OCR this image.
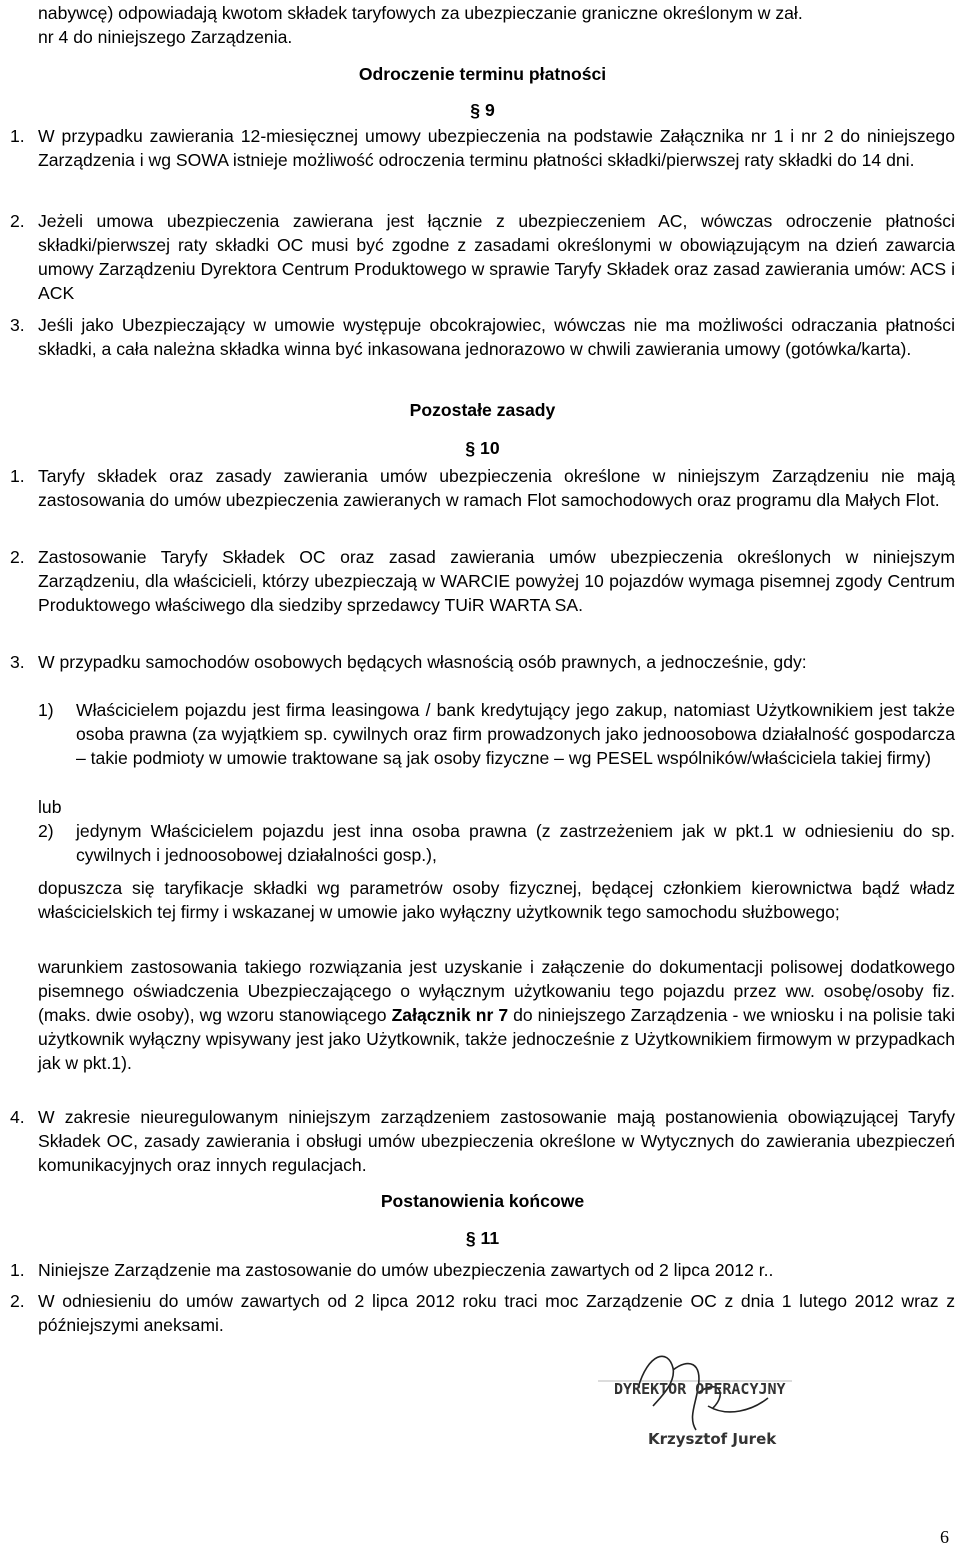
nabywcę) odpowiadają kwotom składek taryfowych za ubezpieczanie graniczne określonym w zał.

nr 4 do niniejszego Zarządzenia.

Odroczenie terminu płatności

§ 9

1. W przypadku zawierania 12-miesięcznej umowy ubezpieczenia na podstawie Załącznika nr 1 i nr 2 do niniejszego Zarządzenia i wg SOWA istnieje możliwość odroczenia terminu płatności składki/pierwszej raty składki do 14 dni.
2. Jeżeli umowa ubezpieczenia zawierana jest łącznie z ubezpieczeniem AC, wówczas odroczenie płatności składki/pierwszej raty składki OC musi być zgodne z zasadami określonymi w obowiązującym na dzień zawarcia umowy Zarządzeniu Dyrektora Centrum Produktowego w sprawie Taryfy Składek oraz zasad zawierania umów: ACS i ACK
3. Jeśli jako Ubezpieczający w umowie występuje obcokrajowiec, wówczas nie ma możliwości odraczania płatności składki, a cała należna składka winna być inkasowana jednorazowo w chwili zawierania umowy (gotówka/karta).

Pozostałe zasady

§ 10

1. Taryfy składek oraz zasady zawierania umów ubezpieczenia określone w niniejszym Zarządzeniu nie mają zastosowania do umów ubezpieczenia zawieranych w ramach Flot samochodowych oraz programu dla Małych Flot.
2. Zastosowanie Taryfy Składek OC oraz zasad zawierania umów ubezpieczenia określonych w niniejszym Zarządzeniu, dla właścicieli, którzy ubezpieczają w WARCIE powyżej 10 pojazdów wymaga pisemnej zgody Centrum Produktowego właściwego dla siedziby sprzedawcy TUiR WARTA SA.
3. W przypadku samochodów osobowych będących własnością osób prawnych, a jednocześnie, gdy:
1) Właścicielem pojazdu jest firma leasingowa / bank kredytujący jego zakup, natomiast Użytkownikiem jest także osoba prawna (za wyjątkiem sp. cywilnych oraz firm prowadzonych jako jednoosobowa działalność gospodarcza – takie podmioty w umowie traktowane są jak osoby fizyczne – wg PESEL wspólników/właściciela takiej firmy)

lub

2) jedynym Właścicielem pojazdu jest inna osoba prawna (z zastrzeżeniem jak w pkt.1 w odniesieniu do sp. cywilnych i jednoosobowej działalności gosp.),

dopuszcza się taryfikacje składki wg parametrów osoby fizycznej, będącej członkiem kierownictwa bądź władz właścicielskich tej firmy i wskazanej w umowie jako wyłączny użytkownik tego samochodu służbowego;

warunkiem zastosowania takiego rozwiązania jest uzyskanie i załączenie do dokumentacji polisowej dodatkowego pisemnego oświadczenia Ubezpieczającego o wyłącznym użytkowaniu tego pojazdu przez ww. osobę/osoby fiz. (maks. dwie osoby), wg wzoru stanowiącego Załącznik nr 7 do niniejszego Zarządzenia - we wniosku i na polisie taki użytkownik wyłączny wpisywany jest jako Użytkownik, także jednocześnie z Użytkownikiem firmowym w przypadkach jak w pkt.1).

4. W zakresie nieuregulowanym niniejszym zarządzeniem zastosowanie mają postanowienia obowiązującej Taryfy Składek OC, zasady zawierania i obsługi umów ubezpieczenia określone w Wytycznych do zawierania ubezpieczeń komunikacyjnych oraz innych regulacjach.

Postanowienia końcowe

§ 11

1. Niniejsze Zarządzenie ma zastosowanie do umów ubezpieczenia zawartych od 2 lipca 2012 r..
2. W odniesieniu do umów zawartych od 2 lipca 2012 roku traci moc Zarządzenie OC z dnia 1 lutego 2012 wraz z późniejszymi aneksami.
DYREKTOR OPERACYJNY
Krzysztof Jurek
6
